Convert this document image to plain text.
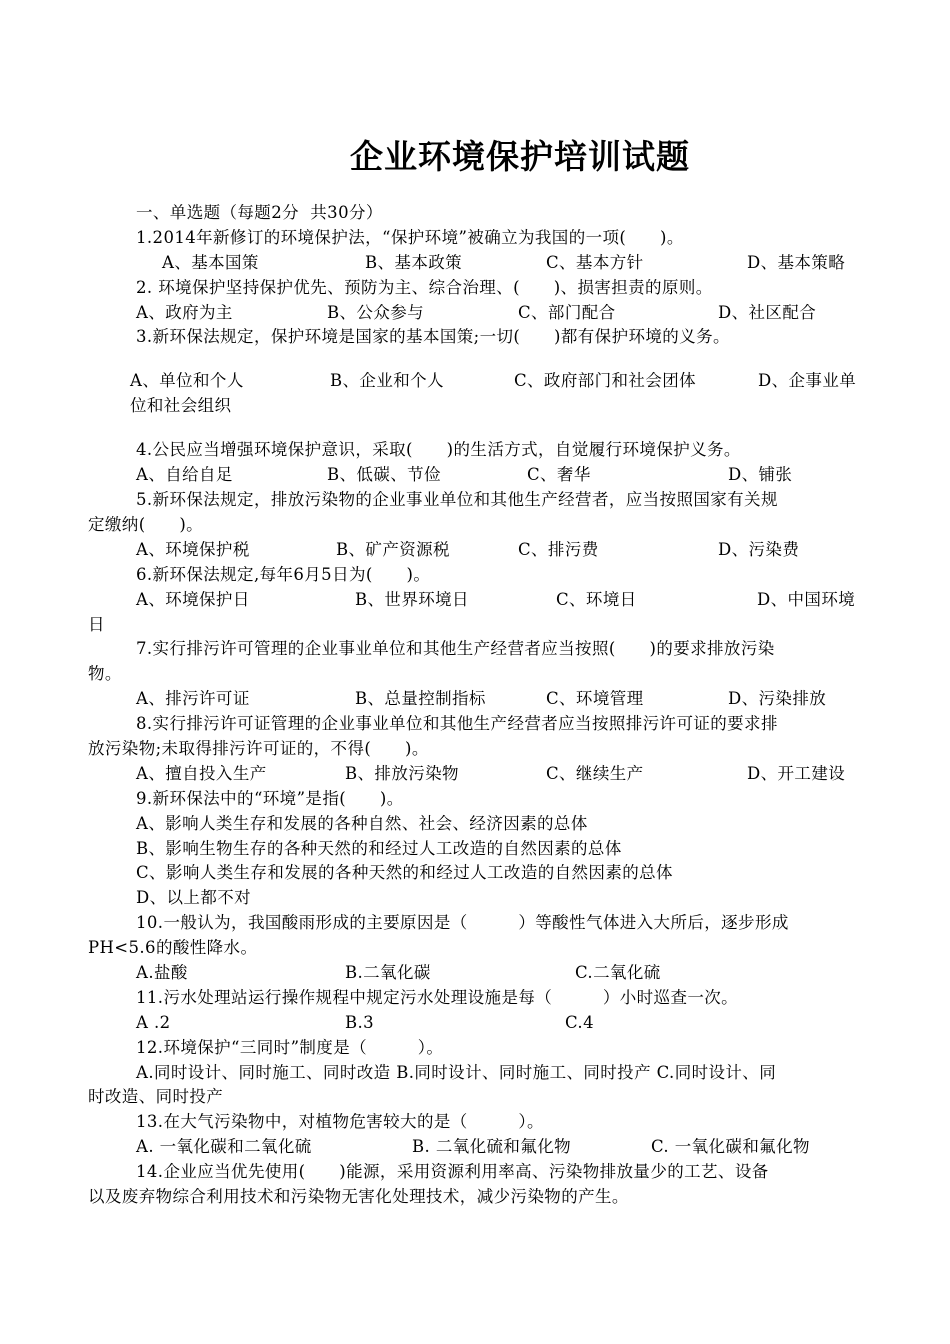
企业环境保护培训试题
一、单选题（每题2分  共30分）
1.2014年新修订的环境保护法，“保护环境”被确立为我国的一项(　　)。
A、基本国策	B、基本政策	C、基本方针	D、基本策略
2. 环境保护坚持保护优先、预防为主、综合治理、(　　)、损害担责的原则。
A、政府为主	B、公众参与	C、部门配合	D、社区配合
3.新环保法规定，保护环境是国家的基本国策;一切(　　)都有保护环境的义务。
A、单位和个人	B、企业和个人	C、政府部门和社会团体	D、企事业单
位和社会组织
4.公民应当增强环境保护意识，采取(　　)的生活方式，自觉履行环境保护义务。
A、自给自足	B、低碳、节俭	C、奢华	D、铺张
5.新环保法规定，排放污染物的企业事业单位和其他生产经营者，应当按照国家有关规
定缴纳(　　)。
A、环境保护税	B、矿产资源税	C、排污费	D、污染费
6.新环保法规定,每年6月5日为(　　)。
A、环境保护日	B、世界环境日	C、环境日	D、中国环境
日
7.实行排污许可管理的企业事业单位和其他生产经营者应当按照(　　)的要求排放污染
物。
A、排污许可证	B、总量控制指标	C、环境管理	D、污染排放
8.实行排污许可证管理的企业事业单位和其他生产经营者应当按照排污许可证的要求排
放污染物;未取得排污许可证的，不得(　　)。
A、擅自投入生产	B、排放污染物	C、继续生产	D、开工建设
9.新环保法中的“环境”是指(　　)。
A、影响人类生存和发展的各种自然、社会、经济因素的总体
B、影响生物生存的各种天然的和经过人工改造的自然因素的总体
C、影响人类生存和发展的各种天然的和经过人工改造的自然因素的总体
D、以上都不对
10.一般认为，我国酸雨形成的主要原因是（　　　）等酸性气体进入大所后，逐步形成
PH<5.6的酸性降水。
A.盐酸	B.二氧化碳	C.二氧化硫
11.污水处理站运行操作规程中规定污水处理设施是每（　　　）小时巡查一次。
A .2	B.3	C.4
12.环境保护“三同时”制度是（　　　）。
A.同时设计、同时施工、同时改造 B.同时设计、同时施工、同时投产 C.同时设计、同
时改造、同时投产
13.在大气污染物中，对植物危害较大的是（　　　）。
A. 一氧化碳和二氧化硫	B. 二氧化硫和氟化物	C. 一氧化碳和氟化物
14.企业应当优先使用(　　)能源，采用资源利用率高、污染物排放量少的工艺、设备
以及废弃物综合利用技术和污染物无害化处理技术，减少污染物的产生。
